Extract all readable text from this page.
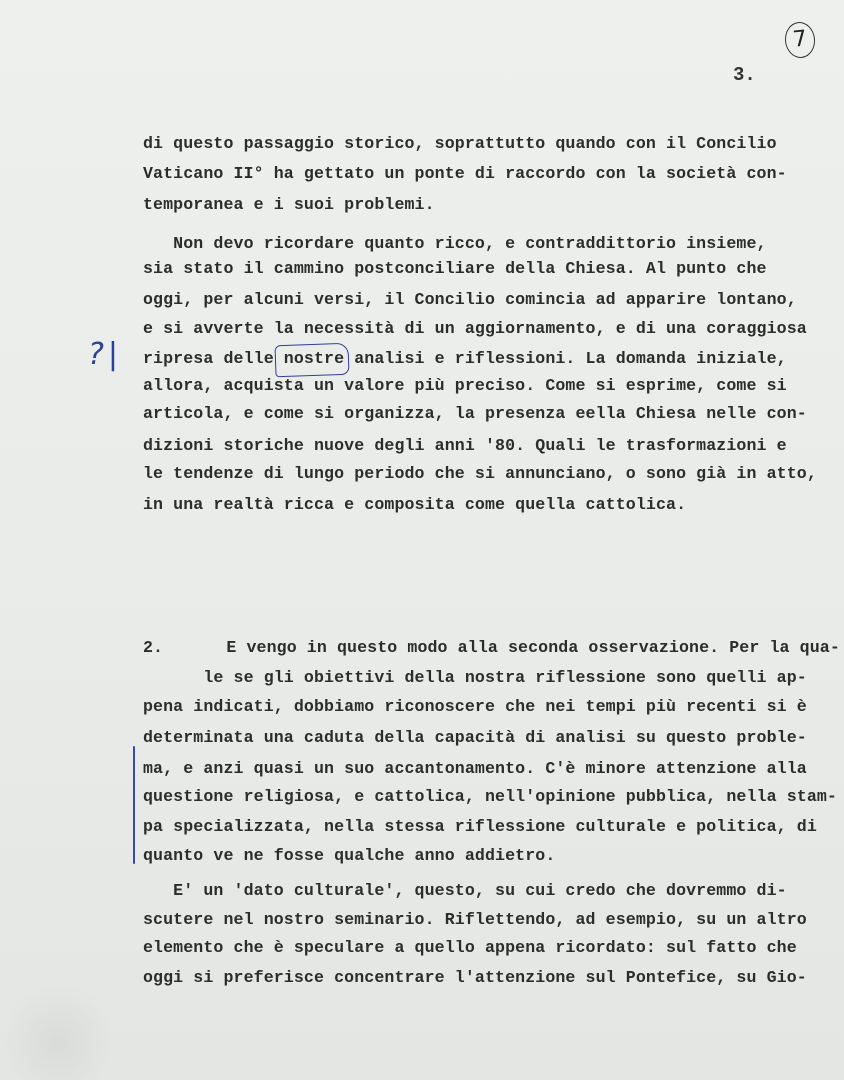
7
3.

di questo passaggio storico, soprattutto quando con il Concilio

Vaticano II° ha gettato un ponte di raccordo con la società con-

temporanea e i suoi problemi.

Non devo ricordare quanto ricco, e contraddittorio insieme,

sia stato il cammino postconciliare della Chiesa. Al punto che

oggi, per alcuni versi, il Concilio comincia ad apparire lontano,

e si avverte la necessità di un aggiornamento, e di una coraggiosa

ripresa delle nostre analisi e riflessioni. La domanda iniziale,

allora, acquista un valore più preciso. Come si esprime, come si

articola, e come si organizza, la presenza eella Chiesa nelle con-

dizioni storiche nuove degli anni '80. Quali le trasformazioni e

le tendenze di lungo periodo che si annunciano, o sono già in atto,

in una realtà ricca e composita come quella cattolica.

2. E vengo in questo modo alla seconda osservazione. Per la qua-

le se gli obiettivi della nostra riflessione sono quelli ap-

pena indicati, dobbiamo riconoscere che nei tempi più recenti si è

determinata una caduta della capacità di analisi su questo proble-

ma, e anzi quasi un suo accantonamento. C'è minore attenzione alla

questione religiosa, e cattolica, nell'opinione pubblica, nella stam-

pa specializzata, nella stessa riflessione culturale e politica, di

quanto ve ne fosse qualche anno addietro.

E' un 'dato culturale', questo, su cui credo che dovremmo di-

scutere nel nostro seminario. Riflettendo, ad esempio, su un altro

elemento che è speculare a quello appena ricordato: sul fatto che

oggi si preferisce concentrare l'attenzione sul Pontefice, su Gio-

?|
